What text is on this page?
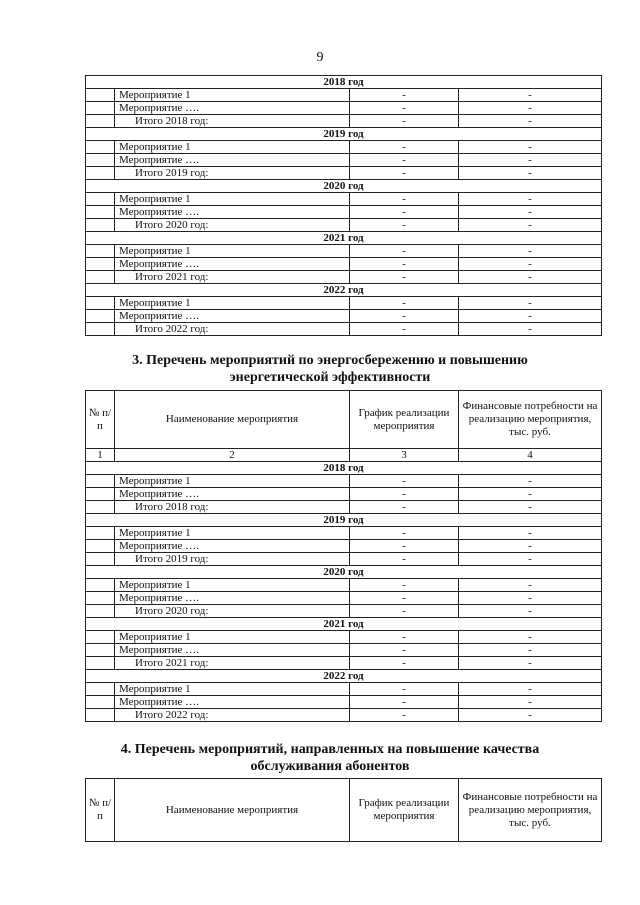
9
2018 год			
	Мероприятие 1	-	-
	Мероприятие ….	-	-
	Итого 2018 год:	-	-
2019 год			
	Мероприятие 1	-	-
	Мероприятие ….	-	-
	Итого 2019 год:	-	-
2020 год			
	Мероприятие 1	-	-
	Мероприятие ….	-	-
	Итого 2020 год:	-	-
2021 год			
	Мероприятие 1	-	-
	Мероприятие ….	-	-
	Итого 2021 год:	-	-
2022 год			
	Мероприятие 1	-	-
	Мероприятие ….	-	-
	Итого 2022 год:	-	-
3. Перечень мероприятий по энергосбережению и повышению
энергетической эффективности
№ п/п	Наименование мероприятия	График реализации мероприятия	Финансовые потребности на реализацию мероприятия, тыс. руб.
1	2	3	4
2018 год			
	Мероприятие 1	-	-
	Мероприятие ….	-	-
	Итого 2018 год:	-	-
2019 год			
	Мероприятие 1	-	-
	Мероприятие ….	-	-
	Итого 2019 год:	-	-
2020 год			
	Мероприятие 1	-	-
	Мероприятие ….	-	-
	Итого 2020 год:	-	-
2021 год			
	Мероприятие 1	-	-
	Мероприятие ….	-	-
	Итого 2021 год:	-	-
2022 год			
	Мероприятие 1	-	-
	Мероприятие ….	-	-
	Итого 2022 год:	-	-
4. Перечень мероприятий, направленных на повышение качества
обслуживания абонентов
№ п/п	Наименование мероприятия	График реализации мероприятия	Финансовые потребности на реализацию мероприятия, тыс. руб.
